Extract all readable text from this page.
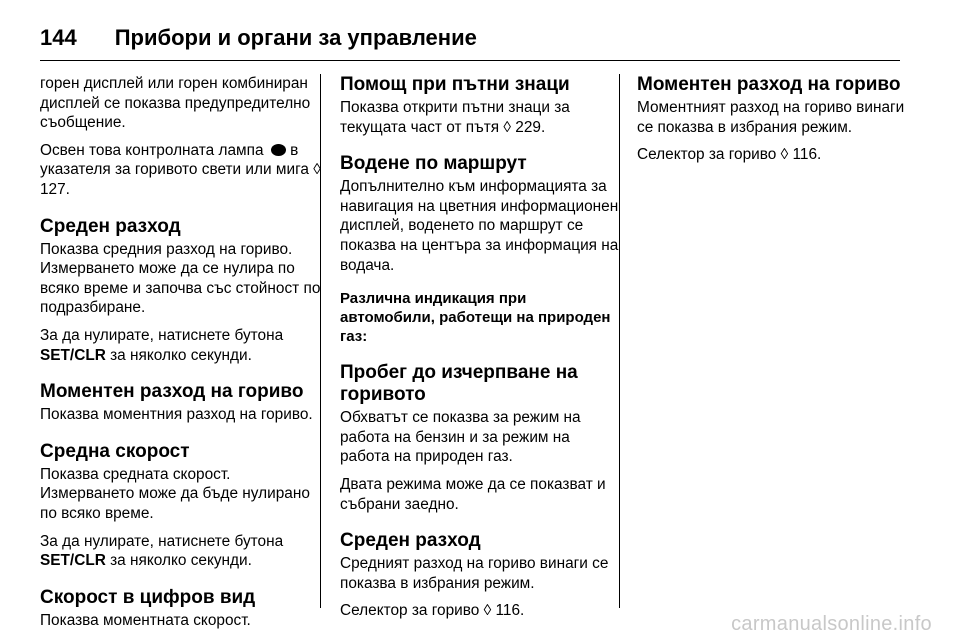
144 Прибори и органи за управление

горен дисплей или горен комбиниран дисплей се показва предупредително съобщение.

Освен това контролната лампа в указателя за горивото свети или мига ◊ 127.

Среден разход

Показва средния разход на гориво. Измерването може да се нулира по всяко време и започва със стойност по подразбиране.

За да нулирате, натиснете бутона SET/CLR за няколко секунди.

Моментен разход на гориво

Показва моментния разход на гориво.

Средна скорост

Показва средната скорост. Измерването може да бъде нулирано по всяко време.

За да нулирате, натиснете бутона SET/CLR за няколко секунди.

Скорост в цифров вид

Показва моментната скорост.

Помощ при пътни знаци

Показва открити пътни знаци за текущата част от пътя ◊ 229.

Водене по маршрут

Допълнително към информацията за навигация на цветния информационен дисплей, воденето по маршрут се показва на центъра за информация на водача.

Различна индикация при автомобили, работещи на природен газ:
Пробег до изчерпване на горивото

Обхватът се показва за режим на работа на бензин и за режим на работа на природен газ.

Двата режима може да се показват и събрани заедно.

Среден разход

Средният разход на гориво винаги се показва в избрания режим.

Селектор за гориво ◊ 116.

Моментен разход на гориво

Моментният разход на гориво винаги се показва в избрания режим.

Селектор за гориво ◊ 116.

carmanualsonline.info
